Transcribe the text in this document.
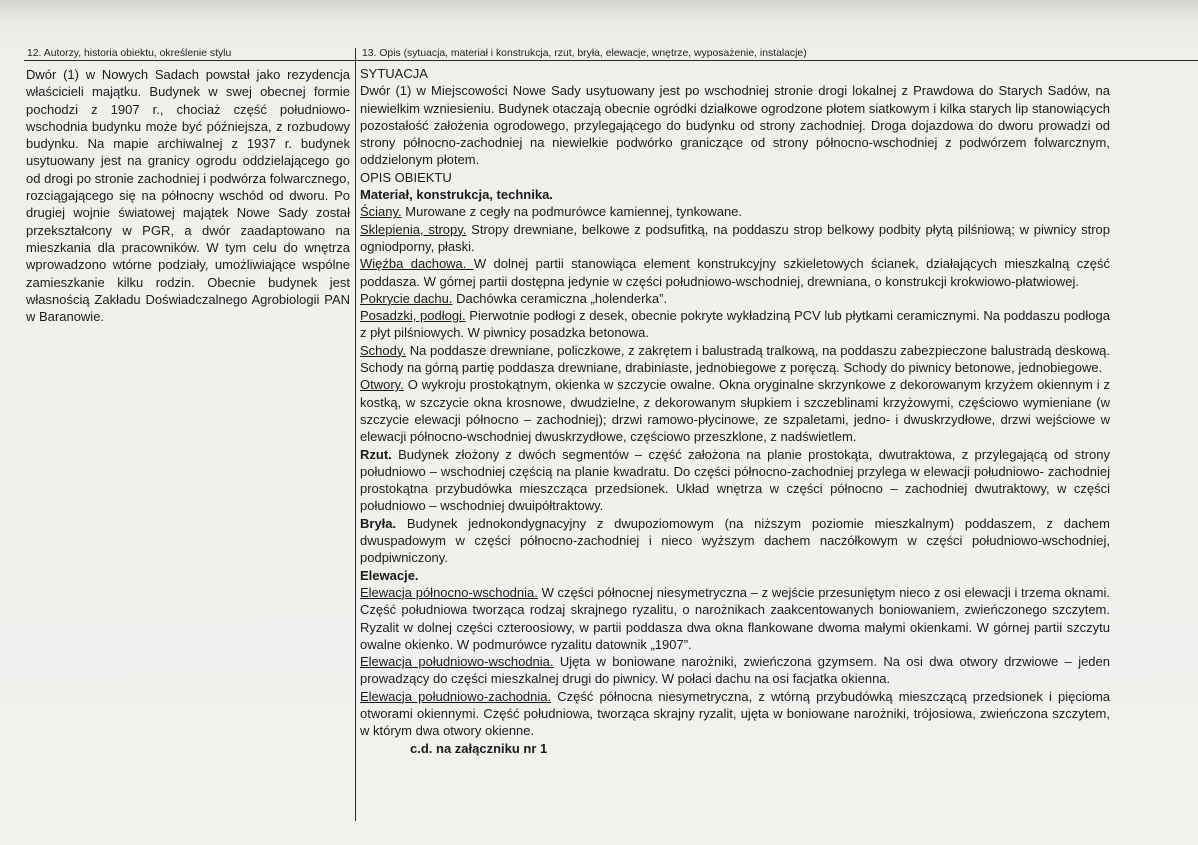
12. Autorzy, historia obiektu, określenie stylu	13. Opis (sytuacja, materiał i konstrukcja, rzut, bryła, elewacje, wnętrze, wyposażenie, instalacje)

Dwór (1) w Nowych Sadach powstał jako rezydencja właścicieli majątku. Budynek w swej obecnej formie pochodzi z 1907 r., chociaż część południowo-wschodnia budynku może być późniejsza, z rozbudowy budynku. Na mapie archiwalnej z 1937 r. budynek usytuowany jest na granicy ogrodu oddzielającego go od drogi po stronie zachodniej i podwórza folwarcznego, rozciągającego się na północny wschód od dworu. Po drugiej wojnie światowej majątek Nowe Sady został przekształcony w PGR, a dwór zaadaptowano na mieszkania dla pracowników. W tym celu do wnętrza wprowadzono wtórne podziały, umożliwiające wspólne zamieszkanie kilku rodzin. Obecnie budynek jest własnością Zakładu Doświadczalnego Agrobiologii PAN w Baranowie.

SYTUACJA

Dwór (1) w Miejscowości Nowe Sady usytuowany jest po wschodniej stronie drogi lokalnej z Prawdowa do Starych Sadów, na niewielkim wzniesieniu. Budynek otaczają obecnie ogródki działkowe ogrodzone płotem siatkowym i kilka starych lip stanowiących pozostałość założenia ogrodowego, przylegającego do budynku od strony zachodniej. Droga dojazdowa do dworu prowadzi od strony północno-zachodniej na niewielkie podwórko graniczące od strony północno-wschodniej z podwórzem folwarcznym, oddzielonym płotem.

OPIS OBIEKTU

Materiał, konstrukcja, technika.

Ściany. Murowane z cegły na podmurówce kamiennej, tynkowane.

Sklepienia, stropy. Stropy drewniane, belkowe z podsufitką, na poddaszu strop belkowy podbity płytą pilśniową; w piwnicy strop ogniodporny, płaski.

Więźba dachowa. W dolnej partii stanowiąca element konstrukcyjny szkieletowych ścianek, działających mieszkalną część poddasza. W górnej partii dostępna jedynie w części południowo-wschodniej, drewniana, o konstrukcji krokwiowo-płatwiowej.

Pokrycie dachu. Dachówka ceramiczna „holenderka”.

Posadzki, podłogi. Pierwotnie podłogi z desek, obecnie pokryte wykładziną PCV lub płytkami ceramicznymi. Na poddaszu podłoga z płyt pilśniowych. W piwnicy posadzka betonowa.

Schody. Na poddasze drewniane, policzkowe, z zakrętem i balustradą tralkową, na poddaszu zabezpieczone balustradą deskową. Schody na górną partię poddasza drewniane, drabiniaste, jednobiegowe z poręczą. Schody do piwnicy betonowe, jednobiegowe.

Otwory. O wykroju prostokątnym, okienka w szczycie owalne. Okna oryginalne skrzynkowe z dekorowanym krzyżem okiennym i z kostką, w szczycie okna krosnowe, dwudzielne, z dekorowanym słupkiem i szczeblinami krzyżowymi, częściowo wymieniane (w szczycie elewacji północno – zachodniej); drzwi ramowo-płycinowe, ze szpaletami, jedno- i dwuskrzydłowe, drzwi wejściowe w elewacji północno-wschodniej dwuskrzydłowe, częściowo przeszklone, z nadświetlem.

Rzut. Budynek złożony z dwóch segmentów – część założona na planie prostokąta, dwutraktowa, z przylegającą od strony południowo – wschodniej częścią na planie kwadratu. Do części północno-zachodniej przylega w elewacji południowo- zachodniej prostokątna przybudówka mieszcząca przedsionek. Układ wnętrza w części północno – zachodniej dwutraktowy, w części południowo – wschodniej dwuipółtraktowy.

Bryła. Budynek jednokondygnacyjny z dwupoziomowym (na niższym poziomie mieszkalnym) poddaszem, z dachem dwuspadowym w części północno-zachodniej i nieco wyższym dachem naczółkowym w części południowo-wschodniej, podpiwniczony.

Elewacje.

Elewacja północno-wschodnia. W części północnej niesymetryczna – z wejście przesuniętym nieco z osi elewacji i trzema oknami. Część południowa tworząca rodzaj skrajnego ryzalitu, o narożnikach zaakcentowanych boniowaniem, zwieńczonego szczytem. Ryzalit w dolnej części czteroosiowy, w partii poddasza dwa okna flankowane dwoma małymi okienkami. W górnej partii szczytu owalne okienko. W podmurówce ryzalitu datownik „1907”.

Elewacja południowo-wschodnia. Ujęta w boniowane narożniki, zwieńczona gzymsem. Na osi dwa otwory drzwiowe – jeden prowadzący do części mieszkalnej drugi do piwnicy. W połaci dachu na osi facjatka okienna.

Elewacja południowo-zachodnia. Część północna niesymetryczna, z wtórną przybudówką mieszczącą przedsionek i pięcioma otworami okiennymi. Część południowa, tworząca skrajny ryzalit, ujęta w boniowane narożniki, trójosiowa, zwieńczona szczytem, w którym dwa otwory okienne.

c.d. na załączniku nr 1
